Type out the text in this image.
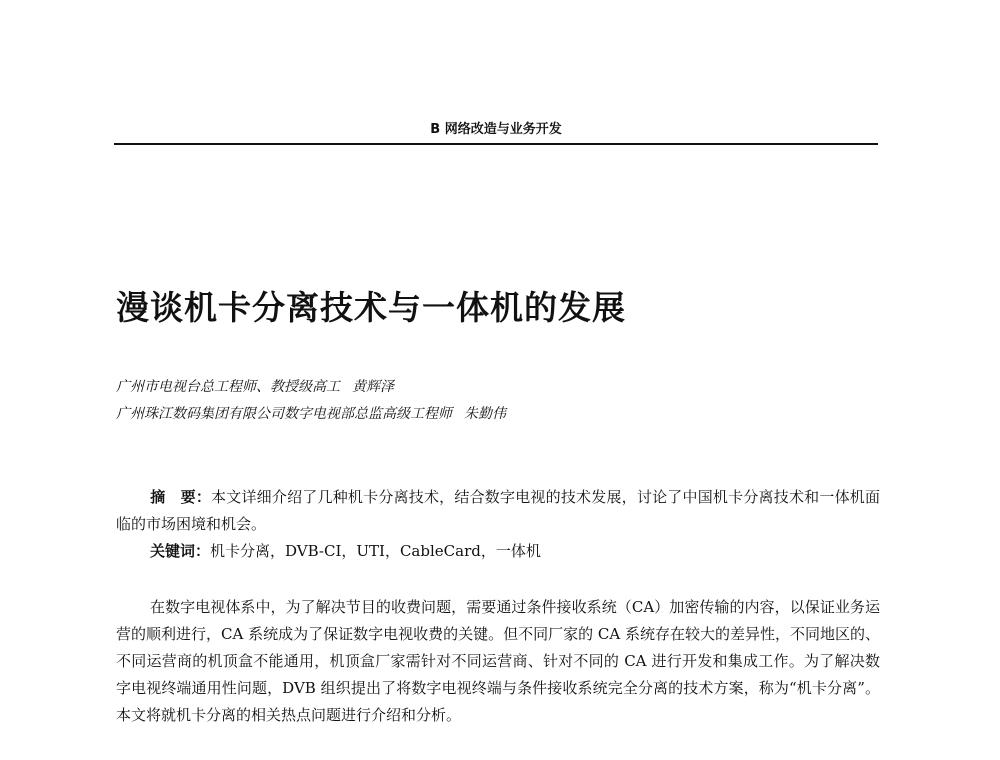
B 网络改造与业务开发
漫谈机卡分离技术与一体机的发展
广州市电视台总工程师、教授级高工 黄辉泽
广州珠江数码集团有限公司数字电视部总监高级工程师 朱勤伟

摘　要：本文详细介绍了几种机卡分离技术，结合数字电视的技术发展，讨论了中国机卡分离技术和一体机面临的市场困境和机会。

关键词：机卡分离，DVB-CI，UTI，CableCard，一体机

在数字电视体系中，为了解决节目的收费问题，需要通过条件接收系统（CA）加密传输的内容，以保证业务运营的顺利进行，CA 系统成为了保证数字电视收费的关键。但不同厂家的 CA 系统存在较大的差异性，不同地区的、不同运营商的机顶盒不能通用，机顶盒厂家需针对不同运营商、针对不同的 CA 进行开发和集成工作。为了解决数字电视终端通用性问题，DVB 组织提出了将数字电视终端与条件接收系统完全分离的技术方案，称为“机卡分离”。本文将就机卡分离的相关热点问题进行介绍和分析。
